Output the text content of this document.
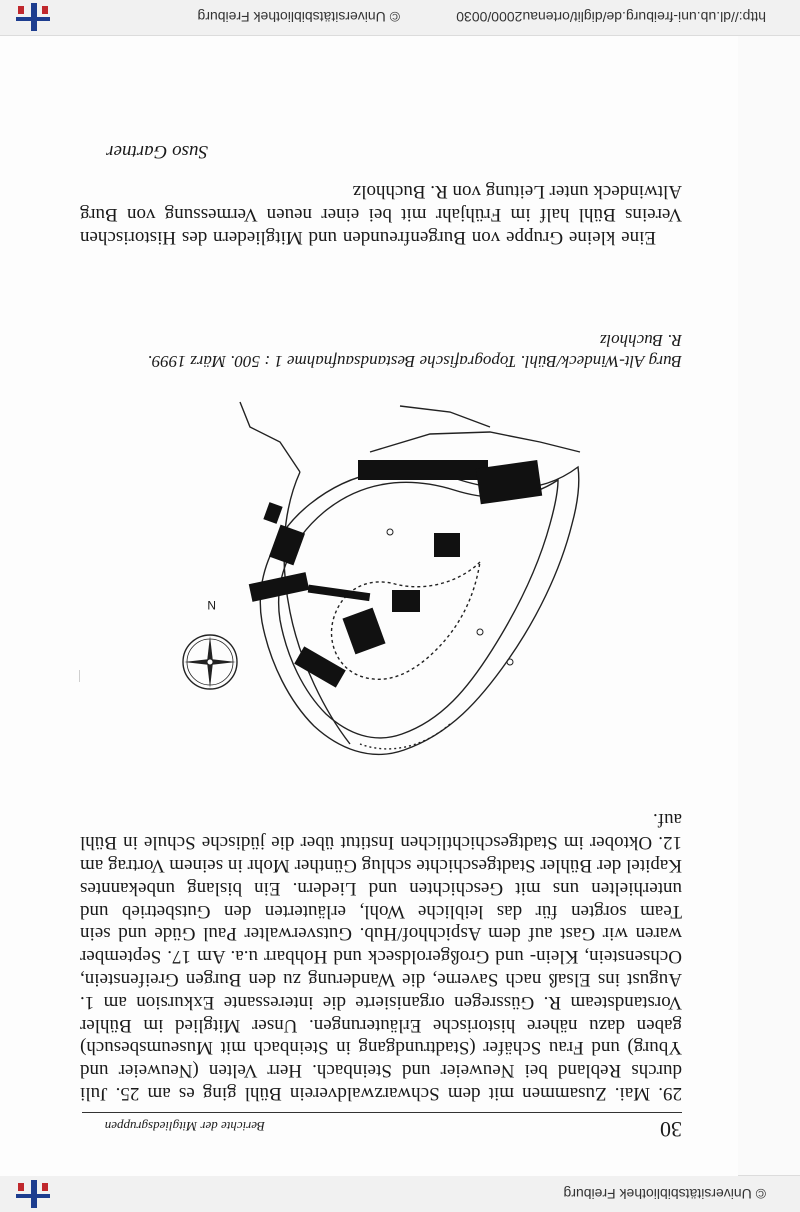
© Universitätsbibliothek Freiburg
30
Berichte der Mitgliedsgruppen

29. Mai. Zusammen mit dem Schwarzwaldverein Bühl ging es am 25. Juli durchs Rebland bei Neuweier und Steinbach. Herr Velten (Neuweier und Yburg) und Frau Schäfer (Stadtrundgang in Steinbach mit Museumsbesuch) gaben dazu nähere historische Erläuterungen. Unser Mitglied im Bühler Vorstandsteam R. Güssregen organisierte die interessante Exkursion am 1. August ins Elsaß nach Saverne, die Wanderung zu den Burgen Greifenstein, Ochsenstein, Klein- und Großgeroldseck und Hohbarr u.a. Am 17. September waren wir Gast auf dem Aspichhof/Hub. Gutsverwalter Paul Güde und sein Team sorgten für das leibliche Wohl, erläuterten den Gutsbetrieb und unterhielten uns mit Geschichten und Liedern. Ein bislang unbekanntes Kapitel der Bühler Stadtgeschichte schlug Günther Mohr in seinem Vortrag am 12. Oktober im Stadtgeschichtlichen Institut über die jüdische Schule in Bühl auf.

N

Burg Alt-Windeck/Bühl. Topografische Bestandsaufnahme 1 : 500. März 1999.
R. Buchholz

Eine kleine Gruppe von Burgenfreunden und Mitgliedern des Historischen Vereins Bühl half im Frühjahr mit bei einer neuen Vermessung von Burg Altwindeck unter Leitung von R. Buchholz

Suso Gartner
http://dl.ub.uni-freiburg.de/diglit/ortenau2000/0030
© Universitätsbibliothek Freiburg
